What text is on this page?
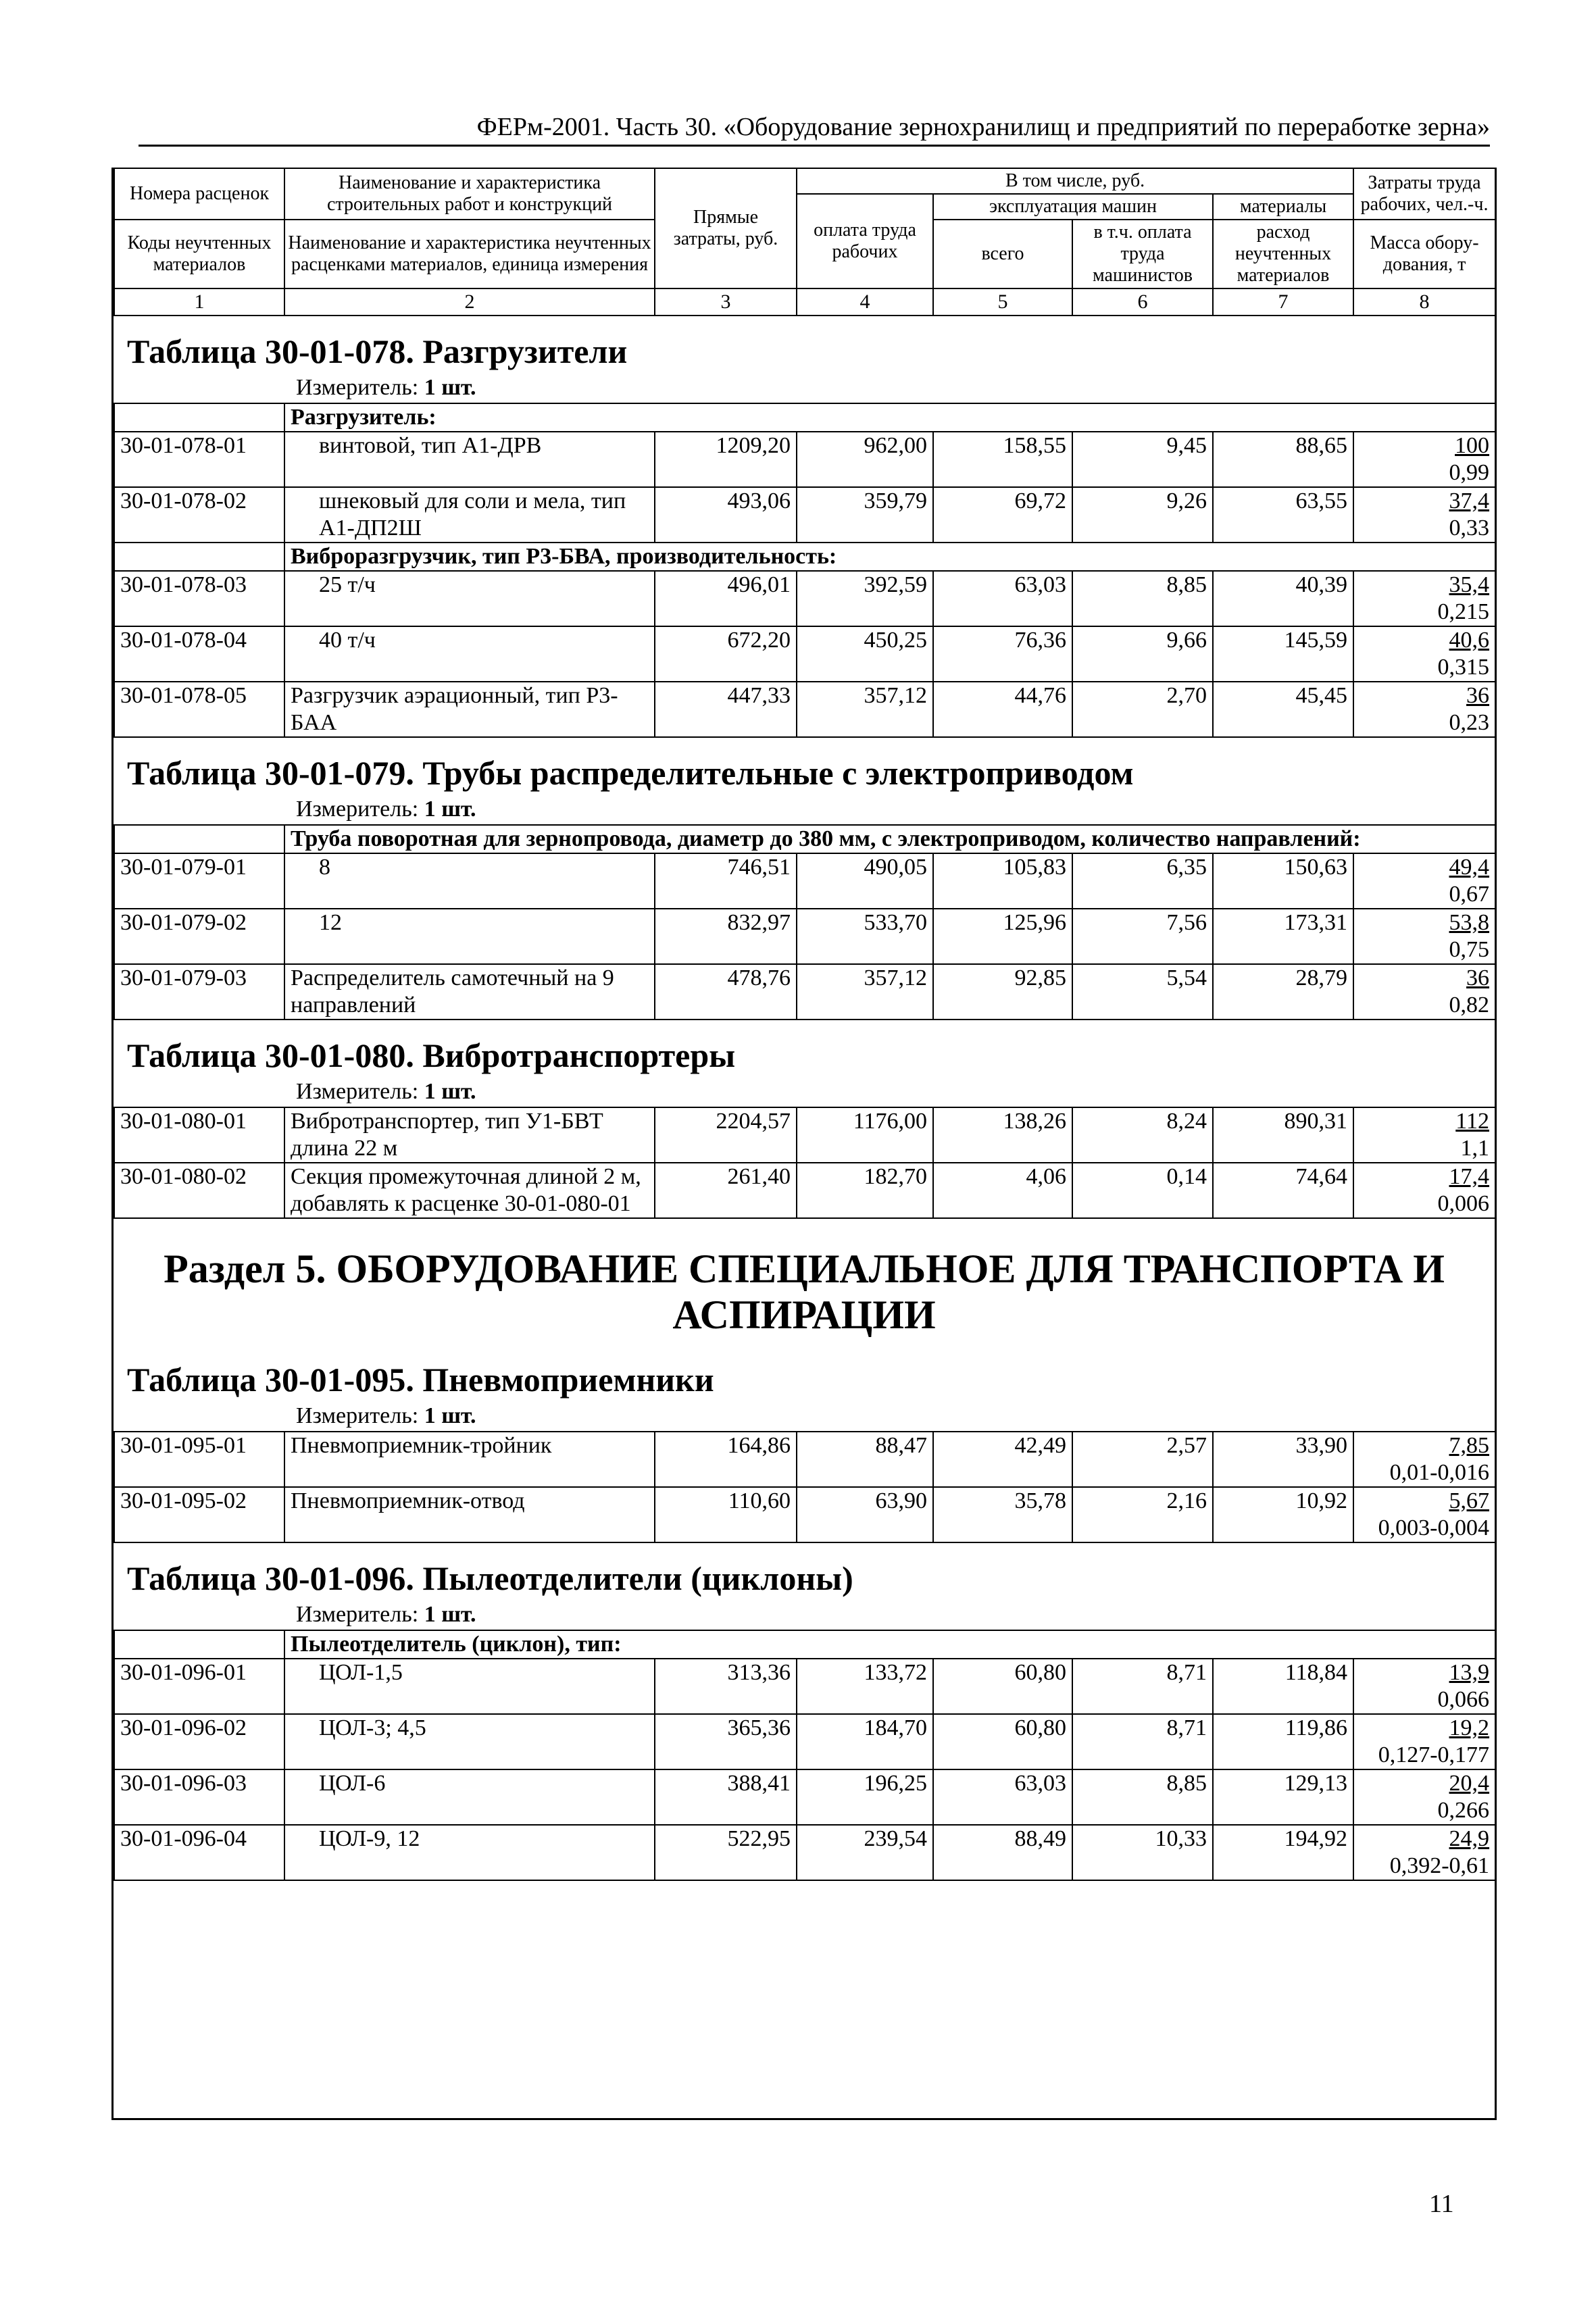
ФЕРм-2001. Часть 30. «Оборудование зернохранилищ и предприятий по переработке зерна»
Номера расценок	Наименование и характеристика строительных работ и конструкций	Прямые затраты, руб.	В том числе, руб.				Затраты труда рабочих, чел.-ч.
			оплата труда рабочих	эксплуатация машин		материалы	
Коды неучтенных материалов	Наименование и характеристика неучтенных расценками материалов, единица измерения			всего	в т.ч. оплата труда машинистов	расход неучтенных материалов	
							Масса обору-дования, т
1	2	3	4	5	6	7	8
Таблица 30-01-078. Разгрузители
Измеритель: 1 шт.
	Разгрузитель:						
30-01-078-01	винтовой, тип А1-ДРВ	1209,20	962,00	158,55	9,45	88,65	100
0,99

30-01-078-02	шнековый для соли и мела, тип А1-ДП2Ш	493,06	359,79	69,72	9,26	63,55	37,4
0,33

	Виброразгрузчик, тип Р3-БВА, производительность:						
30-01-078-03	25 т/ч	496,01	392,59	63,03	8,85	40,39	35,4
0,215

30-01-078-04	40 т/ч	672,20	450,25	76,36	9,66	145,59	40,6
0,315

30-01-078-05	Разгрузчик аэрационный, тип Р3-БАА	447,33	357,12	44,76	2,70	45,45	36
0,23
Таблица 30-01-079. Трубы распределительные с электроприводом
Измеритель: 1 шт.
	Труба поворотная для зернопровода, диаметр до 380 мм, с электроприводом, количество направлений:						
30-01-079-01	8	746,51	490,05	105,83	6,35	150,63	49,4
0,67

30-01-079-02	12	832,97	533,70	125,96	7,56	173,31	53,8
0,75

30-01-079-03	Распределитель самотечный на 9 направлений	478,76	357,12	92,85	5,54	28,79	36
0,82
Таблица 30-01-080. Вибротранспортеры
Измеритель: 1 шт.
30-01-080-01	Вибротранспортер, тип У1-БВТ длина 22 м	2204,57	1176,00	138,26	8,24	890,31	112
1,1

30-01-080-02	Секция промежуточная длиной 2 м, добавлять к расценке 30-01-080-01	261,40	182,70	4,06	0,14	74,64	17,4
0,006
Раздел 5. ОБОРУДОВАНИЕ СПЕЦИАЛЬНОЕ ДЛЯ ТРАНСПОРТА И АСПИРАЦИИ
Таблица 30-01-095. Пневмоприемники
Измеритель: 1 шт.
30-01-095-01	Пневмоприемник-тройник	164,86	88,47	42,49	2,57	33,90	7,85
0,01-0,016

30-01-095-02	Пневмоприемник-отвод	110,60	63,90	35,78	2,16	10,92	5,67
0,003-0,004
Таблица 30-01-096. Пылеотделители (циклоны)
Измеритель: 1 шт.
	Пылеотделитель (циклон), тип:						
30-01-096-01	ЦОЛ-1,5	313,36	133,72	60,80	8,71	118,84	13,9
0,066

30-01-096-02	ЦОЛ-3; 4,5	365,36	184,70	60,80	8,71	119,86	19,2
0,127-0,177

30-01-096-03	ЦОЛ-6	388,41	196,25	63,03	8,85	129,13	20,4
0,266

30-01-096-04	ЦОЛ-9, 12	522,95	239,54	88,49	10,33	194,92	24,9
0,392-0,61
11
